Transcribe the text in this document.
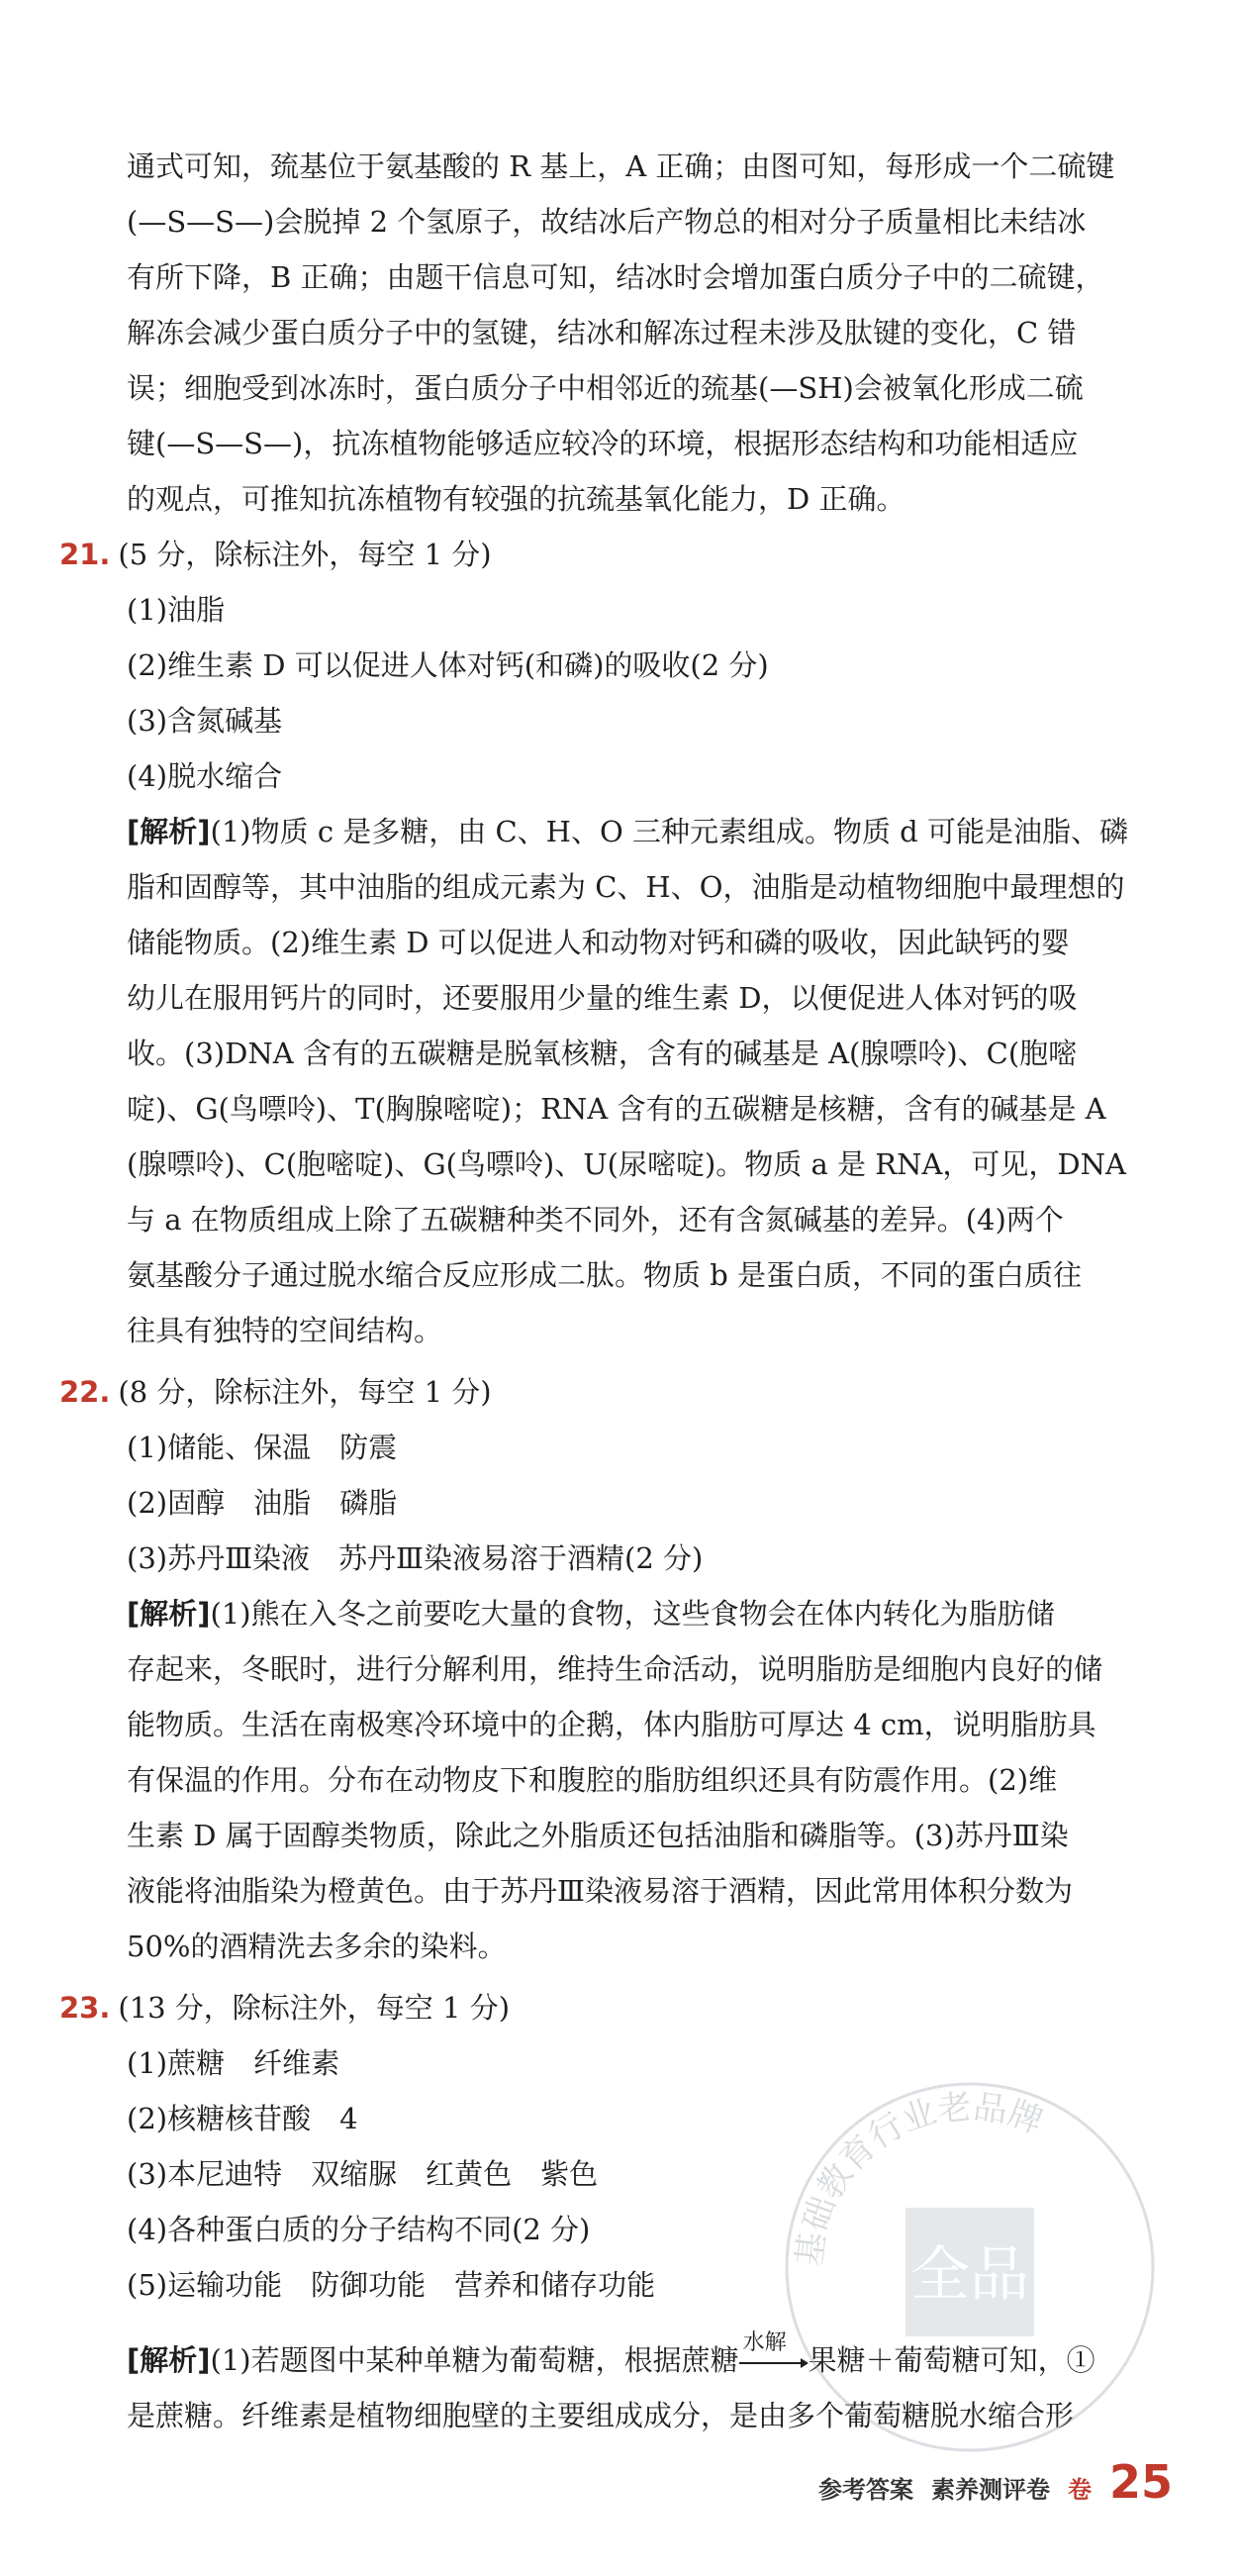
通式可知，巯基位于氨基酸的 R 基上，A 正确；由图可知，每形成一个二硫键
(—S—S—)会脱掉 2 个氢原子，故结冰后产物总的相对分子质量相比未结冰
有所下降，B 正确；由题干信息可知，结冰时会增加蛋白质分子中的二硫键，
解冻会减少蛋白质分子中的氢键，结冰和解冻过程未涉及肽键的变化，C 错
误；细胞受到冰冻时，蛋白质分子中相邻近的巯基(—SH)会被氧化形成二硫
键(—S—S—)，抗冻植物能够适应较冷的环境，根据形态结构和功能相适应
的观点，可推知抗冻植物有较强的抗巯基氧化能力，D 正确。
21. (5 分，除标注外，每空 1 分)
(1)油脂
(2)维生素 D 可以促进人体对钙(和磷)的吸收(2 分)
(3)含氮碱基
(4)脱水缩合
[解析](1)物质 c 是多糖，由 C、H、O 三种元素组成。物质 d 可能是油脂、磷
脂和固醇等，其中油脂的组成元素为 C、H、O，油脂是动植物细胞中最理想的
储能物质。(2)维生素 D 可以促进人和动物对钙和磷的吸收，因此缺钙的婴
幼儿在服用钙片的同时，还要服用少量的维生素 D，以便促进人体对钙的吸
收。(3)DNA 含有的五碳糖是脱氧核糖，含有的碱基是 A(腺嘌呤)、C(胞嘧
啶)、G(鸟嘌呤)、T(胸腺嘧啶)；RNA 含有的五碳糖是核糖，含有的碱基是 A
(腺嘌呤)、C(胞嘧啶)、G(鸟嘌呤)、U(尿嘧啶)。物质 a 是 RNA，可见，DNA
与 a 在物质组成上除了五碳糖种类不同外，还有含氮碱基的差异。(4)两个
氨基酸分子通过脱水缩合反应形成二肽。物质 b 是蛋白质，不同的蛋白质往
往具有独特的空间结构。
22. (8 分，除标注外，每空 1 分)
(1)储能、保温　防震
(2)固醇　油脂　磷脂
(3)苏丹Ⅲ染液　苏丹Ⅲ染液易溶于酒精(2 分)
[解析](1)熊在入冬之前要吃大量的食物，这些食物会在体内转化为脂肪储
存起来，冬眠时，进行分解利用，维持生命活动，说明脂肪是细胞内良好的储
能物质。生活在南极寒冷环境中的企鹅，体内脂肪可厚达 4 cm，说明脂肪具
有保温的作用。分布在动物皮下和腹腔的脂肪组织还具有防震作用。(2)维
生素 D 属于固醇类物质，除此之外脂质还包括油脂和磷脂等。(3)苏丹Ⅲ染
液能将油脂染为橙黄色。由于苏丹Ⅲ染液易溶于酒精，因此常用体积分数为
50%的酒精洗去多余的染料。
23. (13 分，除标注外，每空 1 分)
(1)蔗糖　纤维素
(2)核糖核苷酸　4
(3)本尼迪特　双缩脲　红黄色　紫色
(4)各种蛋白质的分子结构不同(2 分)
(5)运输功能　防御功能　营养和储存功能
[解析](1)若题图中某种单糖为葡萄糖，根据蔗糖
水解
果糖＋葡萄糖可知，①
是蔗糖。纤维素是植物细胞壁的主要组成成分，是由多个葡萄糖脱水缩合形
基础教育行业老品牌
全品
参考答案 素养测评卷 卷 25
